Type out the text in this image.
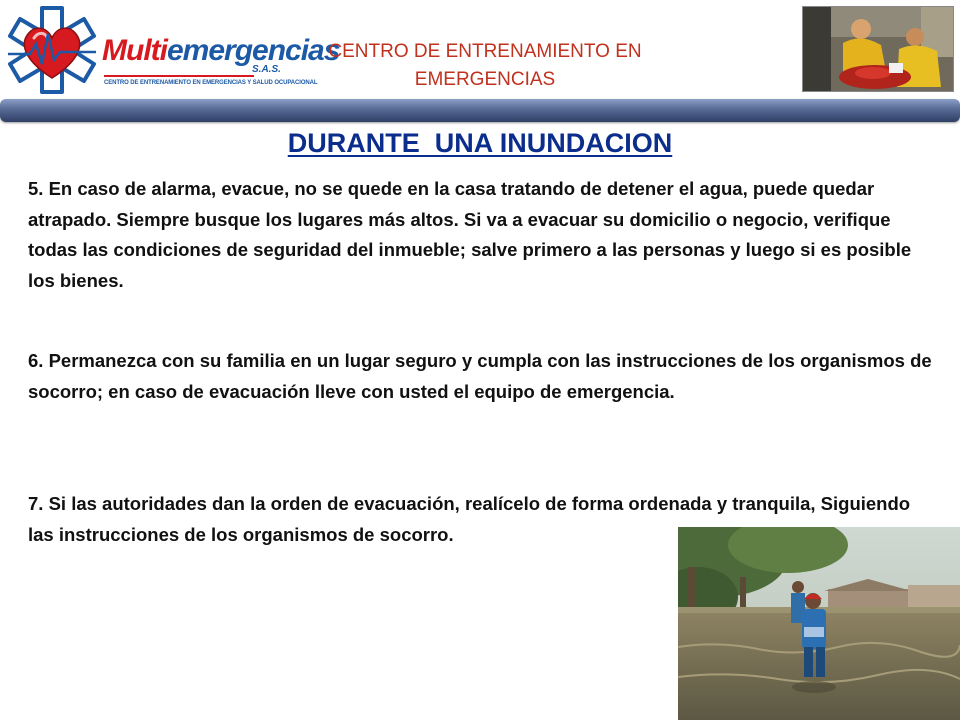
Multiemergencias
S.A.S.
CENTRO DE ENTRENAMIENTO EN EMERGENCIAS Y SALUD OCUPACIONAL
CENTRO DE ENTRENAMIENTO EN
EMERGENCIAS
DURANTE  UNA INUNDACION

5. En caso de alarma, evacue, no se quede en la casa tratando de detener el agua, puede quedar atrapado. Siempre busque los lugares más altos. Si va a evacuar su domicilio o negocio, verifique todas las condiciones de seguridad del inmueble; salve primero a las personas y luego si es posible los bienes.

6. Permanezca con su familia en un lugar seguro y cumpla con las instrucciones de los organismos de socorro; en caso de evacuación lleve con usted el equipo de emergencia.

7. Si las autoridades dan la orden de evacuación, realícelo de forma ordenada y tranquila, Siguiendo las instrucciones de los organismos de socorro.
